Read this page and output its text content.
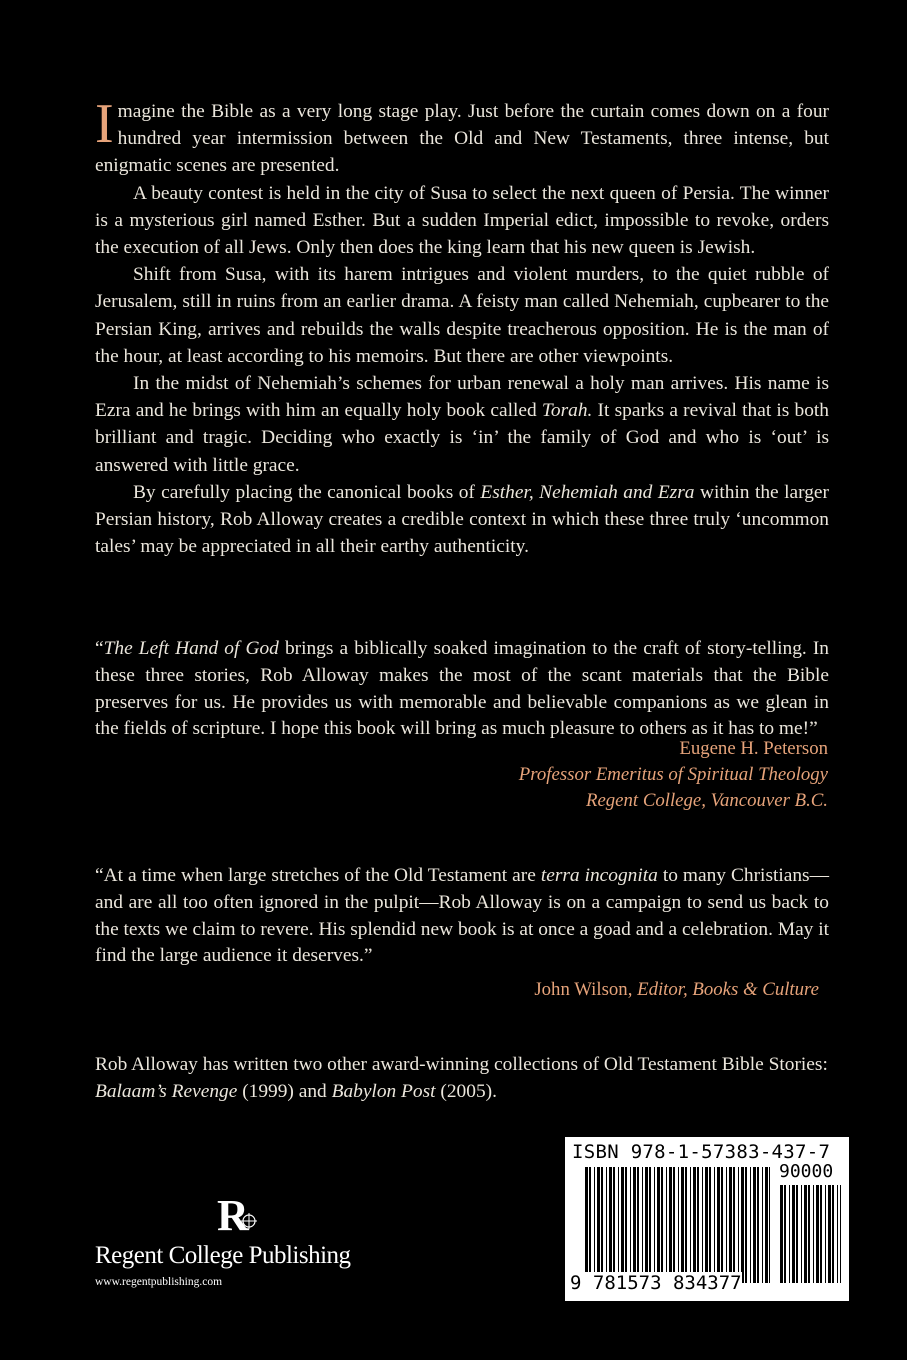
Imagine the Bible as a very long stage play. Just before the curtain comes down on a four hundred year intermission between the Old and New Testaments, three intense, but enigmatic scenes are presented.

A beauty contest is held in the city of Susa to select the next queen of Persia. The winner is a mysterious girl named Esther. But a sudden Imperial edict, impossible to revoke, orders the execution of all Jews. Only then does the king learn that his new queen is Jewish.

Shift from Susa, with its harem intrigues and violent murders, to the quiet rubble of Jerusalem, still in ruins from an earlier drama. A feisty man called Nehemiah, cupbearer to the Persian King, arrives and rebuilds the walls despite treacherous opposition. He is the man of the hour, at least according to his memoirs. But there are other viewpoints.

In the midst of Nehemiah’s schemes for urban renewal a holy man arrives. His name is Ezra and he brings with him an equally holy book called Torah. It sparks a revival that is both brilliant and tragic. Deciding who exactly is ‘in’ the family of God and who is ‘out’ is answered with little grace.

By carefully placing the canonical books of Esther, Nehemiah and Ezra within the larger Persian history, Rob Alloway creates a credible context in which these three truly ‘uncommon tales’ may be appreciated in all their earthy authenticity.

“The Left Hand of God brings a biblically soaked imagination to the craft of story-telling. In these three stories, Rob Alloway makes the most of the scant materials that the Bible preserves for us. He provides us with memorable and believable companions as we glean in the fields of scripture. I hope this book will bring as much pleasure to others as it has to me!”

Eugene H. Peterson
Professor Emeritus of Spiritual Theology
Regent College, Vancouver B.C.

“At a time when large stretches of the Old Testament are terra incognita to many Christians—and are all too often ignored in the pulpit—Rob Alloway is on a campaign to send us back to the texts we claim to revere. His splendid new book is at once a goad and a celebration. May it find the large audience it deserves.”

John Wilson, Editor, Books & Culture
Rob Alloway has written two other award-winning collections of Old Testament Bible Stories: Balaam’s Revenge (1999) and Babylon Post (2005).
R
Regent College Publishing
www.regentpublishing.com
ISBN 978-1-57383-437-7
90000
9 781573 834377
